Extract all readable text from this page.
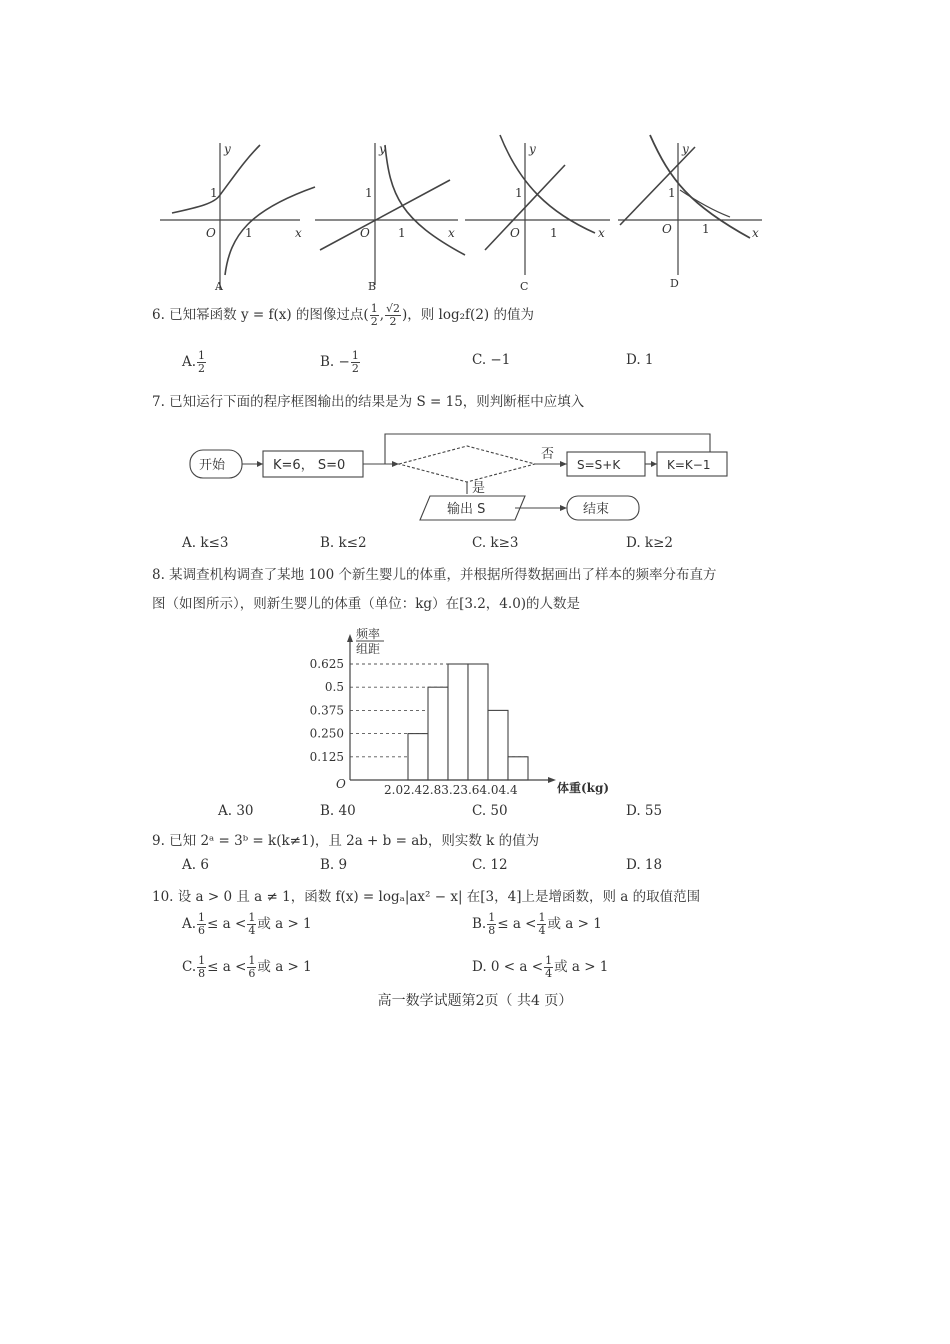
y
x
O
1
1
y
x
O
1
1
y
x
O
1
1
y
x
O
1
1
A	B	C	D
6. 已知幂函数 y = f(x) 的图像过点( $\frac{1}{2}$ , $\frac{√2}{2}$ )，则 log₂f(2) 的值为
A. $\frac{1}{2}$	B. − $\frac{1}{2}$	C. −1	D. 1
7. 已知运行下面的程序框图输出的结果是为 S = 15，则判断框中应填入
开始	K=6， S=0
否
是
S=S+K	K=K−1
输出 S	结束
A. k≤3	B. k≤2	C. k≥3	D. k≥2
8. 某调查机构调查了某地 100 个新生婴儿的体重，并根据所得数据画出了样本的频率分布直方
图（如图所示），则新生婴儿的体重（单位：kg）在[3.2，4.0)的人数是
0.625
0.5
0.375
0.250
0.125
2.02.42.83.23.64.04.4
频率
组距
O	体重(kg)
A. 30	B. 40	C. 50	D. 55
9. 已知 2ᵃ = 3ᵇ = k(k≠1)，且 2a + b = ab，则实数 k 的值为
A. 6	B. 9	C. 12	D. 18
10. 设 a > 0 且 a ≠ 1，函数 f(x) = logₐ|ax² − x| 在[3，4]上是增函数，则 a 的取值范围
A. $\frac{1}{6} \le a < \frac{1}{4}$ 或 a > 1	B. $\frac{1}{8} \le a < \frac{1}{4}$ 或 a > 1
C. $\frac{1}{8} \le a < \frac{1}{6}$ 或 a > 1	D. $0 < a < \frac{1}{4}$ 或 a > 1
高一数学试题第2页（ 共4 页）
